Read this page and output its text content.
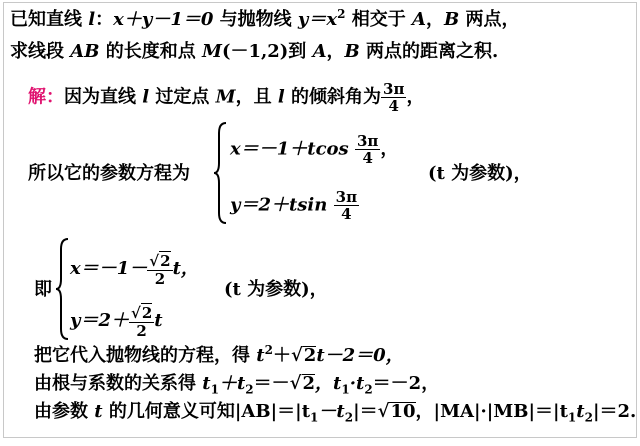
已知直线 l：x＋y－1＝0 与抛物线 $y=x^2$ 相交于 A，B 两点，
求线段 AB 的长度和点 M(－1,2)到 A，B 两点的距离之积.
解：因为直线 l 过定点 M，且 l 的倾斜角为 $\frac{3\pi}{4}$ ，
所以它的参数方程为
$x=-1+tcos \frac{3\pi}{4}$ ，
$y=2+tsin \frac{3\pi}{4}$
(t 为参数)，
即
$x=-1- \frac{√2}{2}$ t，
$y=2+ \frac{√2}{2}$ t
(t 为参数)，
把它代入抛物线的方程，得 $t^2+√2t-2=0$，
由根与系数的关系得 $t_1+t_2=-√2$，$t_1\cdot t_2=-2$，
由参数 t 的几何意义可知$|AB|=|t_1-t_2|=√10$，$|MA|\cdot|MB|=|t_1t_2|=2$.
